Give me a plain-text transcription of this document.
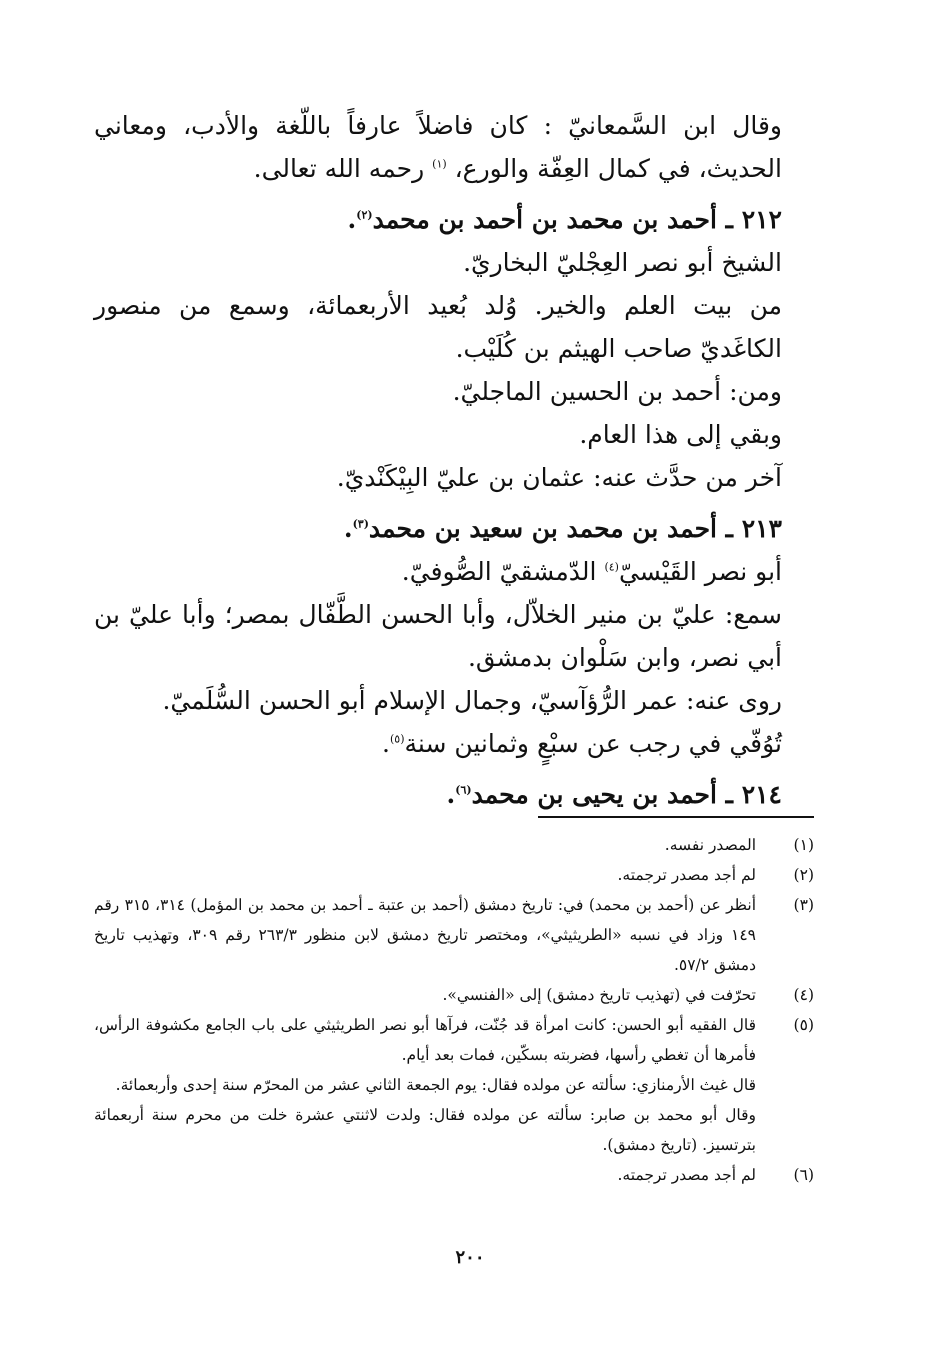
وقال ابن السَّمعانيّ : كان فاضلاً عارفاً باللّغة والأدب، ومعاني الحديث، في كمال العِفّة والورع، $^{(١)}$ رحمه الله تعالى.

٢١٢ ـ أحمد بن محمد بن أحمد بن محمد$^{(٢)}$.

الشيخ أبو نصر العِجْليّ البخاريّ.

من بيت العلم والخير. وُلد بُعيد الأربعمائة، وسمع من منصور الكاغَديّ صاحب الهيثم بن كُلَيْب.

ومن: أحمد بن الحسين الماجليّ.

وبقي إلى هذا العام.

آخر من حدَّث عنه: عثمان بن عليّ البِيْكَنْديّ.

٢١٣ ـ أحمد بن محمد بن سعيد بن محمد$^{(٣)}$.

أبو نصر القَيْسيّ$^{(٤)}$ الدّمشقيّ الصُّوفيّ.

سمع: عليّ بن منير الخلاّل، وأبا الحسن الطَّفّال بمصر؛ وأبا عليّ بن أبي نصر، وابن سَلْوان بدمشق.

روى عنه: عمر الرُّؤآسيّ، وجمال الإسلام أبو الحسن السُّلَميّ.

تُوُفّي في رجب عن سبْعٍ وثمانين سنة$^{(٥)}$.

٢١٤ ـ أحمد بن يحيى بن محمد$^{(٦)}$.

(١)

المصدر نفسه.

(٢)

لم أجد مصدر ترجمته.

(٣)

أنظر عن (أحمد بن محمد) في: تاريخ دمشق (أحمد بن عتبة ـ أحمد بن محمد بن المؤمل) ٣١٤، ٣١٥ رقم ١٤٩ وزاد في نسبه «الطريثيثي»، ومختصر تاريخ دمشق لابن منظور ٢٦٣/٣ رقم ٣٠٩، وتهذيب تاريخ دمشق ٥٧/٢.

(٤)

تحرّفت في (تهذيب تاريخ دمشق) إلى «الفنسي».

(٥)

قال الفقيه أبو الحسن: كانت امرأة قد جُنّت، فرآها أبو نصر الطريثيثي على باب الجامع مكشوفة الرأس، فأمرها أن تغطي رأسها، فضربته بسكّين، فمات بعد أيام.

قال غيث الأرمنازي: سألته عن مولده فقال: يوم الجمعة الثاني عشر من المحرّم سنة إحدى وأربعمائة.

وقال أبو محمد بن صابر: سألته عن مولده فقال: ولدت لاثنتي عشرة خلت من محرم سنة أربعمائة بترتسيز. (تاريخ دمشق).

(٦)

لم أجد مصدر ترجمته.

٢٠٠
